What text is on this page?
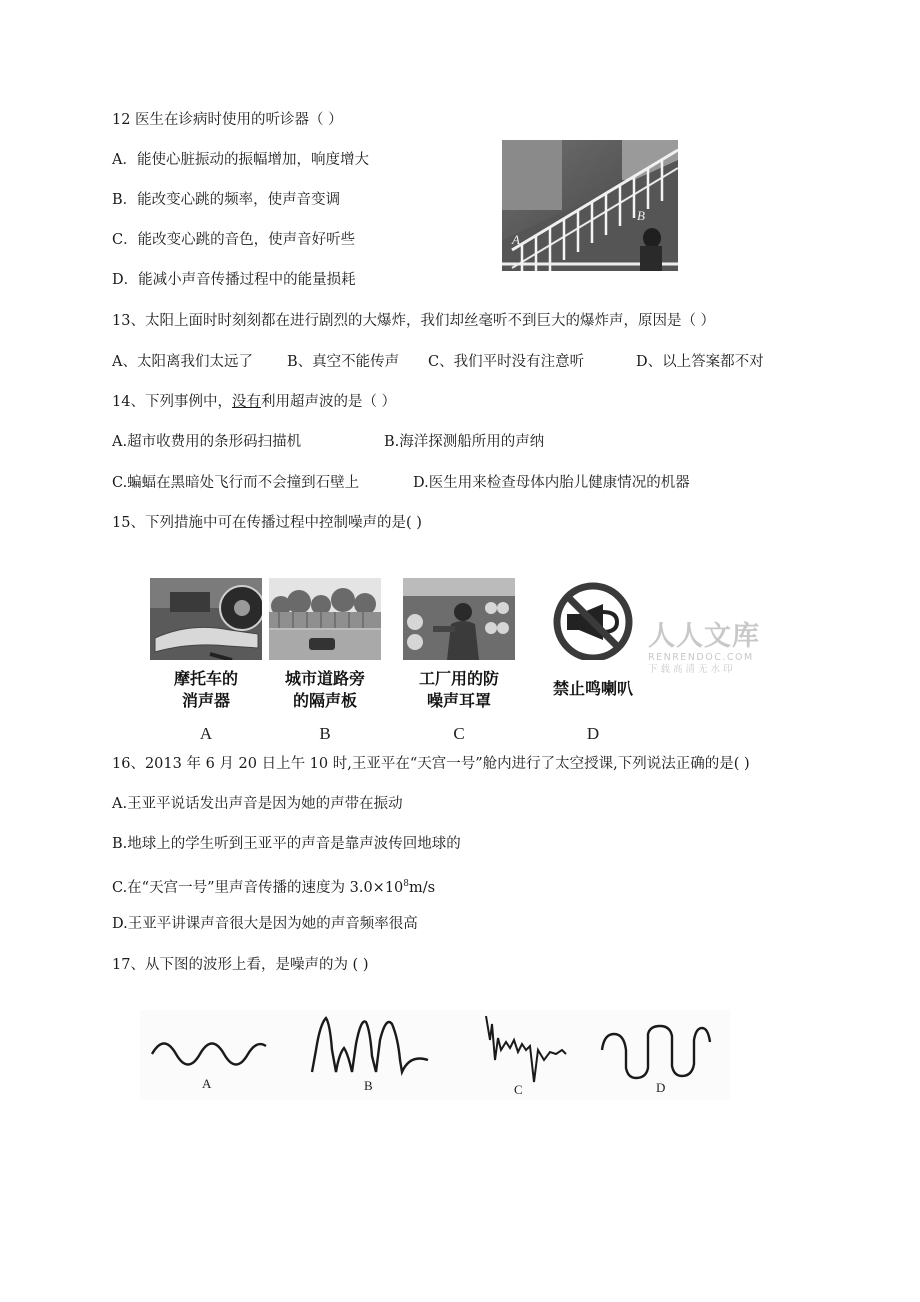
12 医生在诊病时使用的听诊器（ ）
A．能使心脏振动的振幅增加，响度增大
B．能改变心跳的频率，使声音变调
C．能改变心跳的音色，使声音好听些
D．能减小声音传播过程中的能量损耗
A
B
13、太阳上面时时刻刻都在进行剧烈的大爆炸，我们却丝毫听不到巨大的爆炸声，原因是（ ）
A、太阳离我们太远了 B、真空不能传声 C、我们平时没有注意听	D、以上答案都不对
14、下列事例中，没有利用超声波的是（ ）
A.超市收费用的条形码扫描机	B.海洋探测船所用的声纳
C.蝙蝠在黑暗处飞行而不会撞到石壁上	D.医生用来检查母体内胎儿健康情况的机器
15、下列措施中可在传播过程中控制噪声的是( )
摩托车的
消声器
A
城市道路旁
的隔声板
B
工厂用的防
噪声耳罩
C
禁止鸣喇叭
D
人人文库
RENRENDOC.COM
下载高清无水印
16、2013 年 6 月 20 日上午 10 时,王亚平在“天宫一号”舱内进行了太空授课,下列说法正确的是( )
A.王亚平说话发出声音是因为她的声带在振动
B.地球上的学生听到王亚平的声音是靠声波传回地球的
C.在“天宫一号”里声音传播的速度为 $3.0\times 10^8m/s$
D.王亚平讲课声音很大是因为她的声音频率很高
17、从下图的波形上看，是噪声的为 ( )
A	B	C	D
